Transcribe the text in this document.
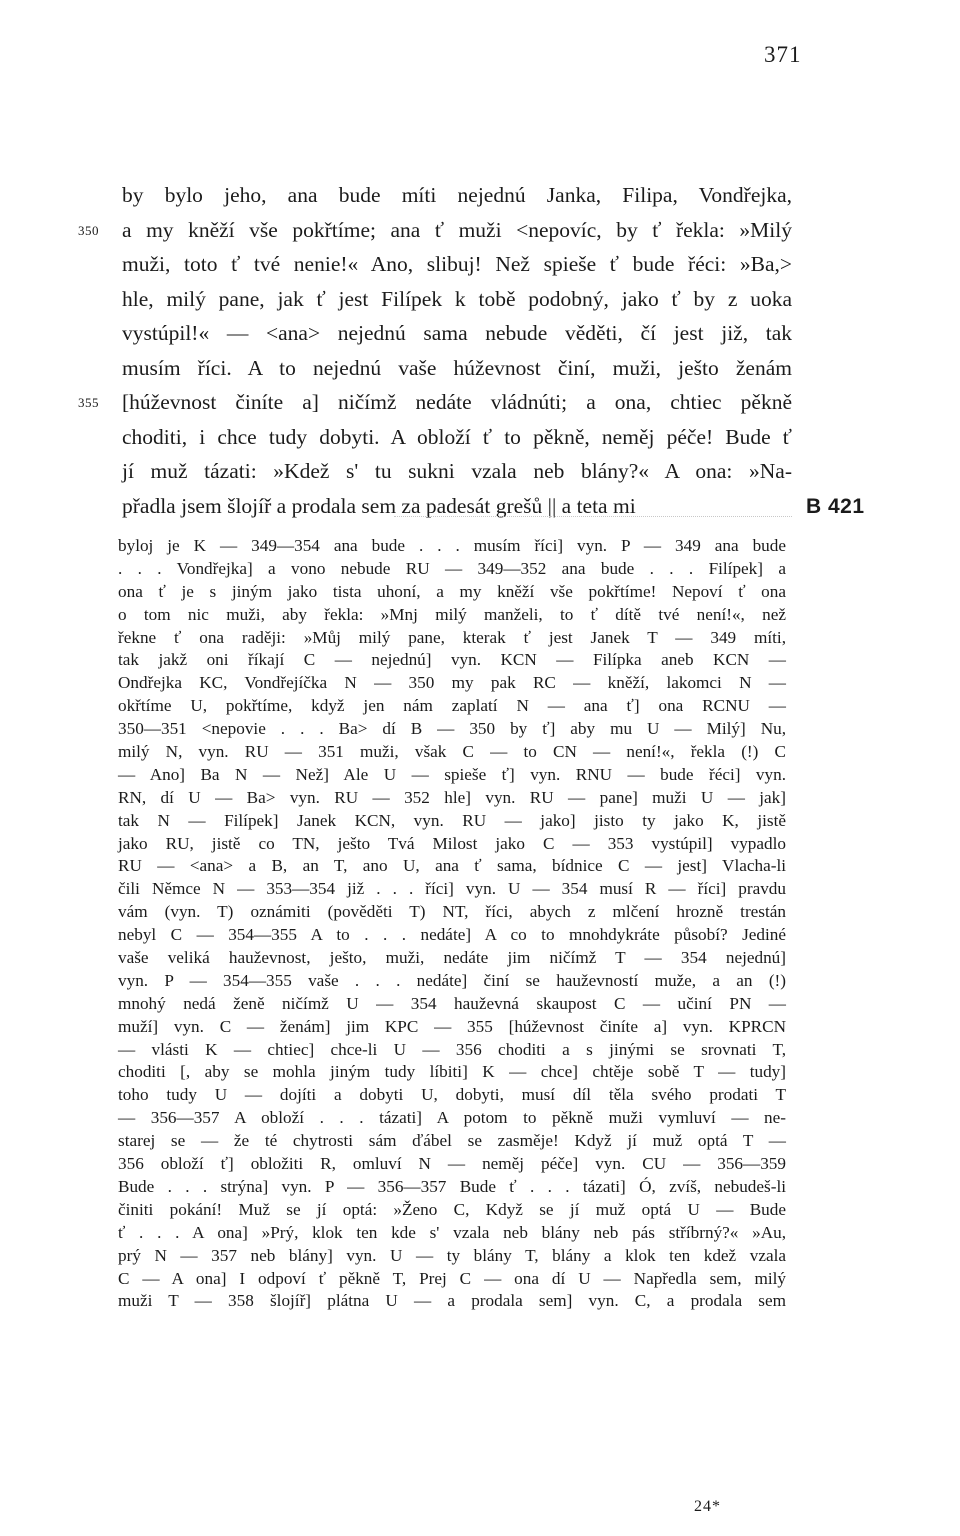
371
by bylo jeho, ana bude míti nejednú Janka, Filipa, Vondřejka,
350 a my kněží vše pokřtíme; ana ť muži <nepovíc, by ť řekla: »Milý
muži, toto ť tvé nenie!« Ano, slibuj! Než spieše ť bude řéci: »Ba,>
hle, milý pane, jak ť jest Filípek k tobě podobný, jako ť by z uoka
vystúpil!« — <ana> nejednú sama nebude věděti, čí jest již, tak
musím říci. A to nejednú vaše húževnost činí, muži, ješto ženám
355 [húževnost činíte a] ničímž nedáte vládnúti; a ona, chtiec pěkně
choditi, i chce tudy dobyti. A obloží ť to pěkně, neměj péče! Bude ť
jí muž tázati: »Kdež s' tu sukni vzala neb blány?« A ona: »Na-
přadla jsem šlojíř a prodala sem za padesát grešů || a teta mi	B 421
byloj je K — 349—354 ana bude . . . musím říci] vyn. P — 349 ana bude
. . . Vondřejka] a vono nebude RU — 349—352 ana bude . . . Filípek] a
ona ť je s jiným jako tista uhoní, a my kněží vše pokřtíme! Nepoví ť ona
o tom nic muži, aby řekla: »Mnj milý manželi, to ť dítě tvé není!«, než
řekne ť ona raději: »Můj milý pane, kterak ť jest Janek T — 349 míti,
tak jakž oni říkají C — nejednú] vyn. KCN — Filípka aneb KCN —
Ondřejka KC, Vondřejíčka N — 350 my pak RC — kněží, lakomci N —
okřtíme U, pokřtíme, když jen nám zaplatí N — ana ť] ona RCNU —
350—351 <nepovie . . . Ba> dí B — 350 by ť] aby mu U — Milý] Nu,
milý N, vyn. RU — 351 muži, však C — to CN — není!«, řekla (!) C
— Ano] Ba N — Než] Ale U — spieše ť] vyn. RNU — bude řéci] vyn.
RN, dí U — Ba> vyn. RU — 352 hle] vyn. RU — pane] muži U — jak]
tak N — Filípek] Janek KCN, vyn. RU — jako] jisto ty jako K, jistě
jako RU, jistě co TN, ješto Tvá Milost jako C — 353 vystúpil] vypadlo
RU — <ana> a B, an T, ano U, ana ť sama, bídnice C — jest] Vlacha-li
čili Němce N — 353—354 již . . . říci] vyn. U — 354 musí R — říci] pravdu
vám (vyn. T) oznámiti (pověděti T) NT, říci, abych z mlčení hrozně trestán
nebyl C — 354—355 A to . . . nedáte] A co to mnohdykráte působí? Jediné
vaše veliká hauževnost, ješto, muži, nedáte jim ničímž T — 354 nejednú]
vyn. P — 354—355 vaše . . . nedáte] činí se hauževností muže, a an (!)
mnohý nedá ženě ničímž U — 354 hauževná skaupost C — učiní PN —
muží] vyn. C — ženám] jim KPC — 355 [húževnost činíte a] vyn. KPRCN
— vlásti K — chtiec] chce-li U — 356 choditi a s jinými se srovnati T,
choditi [, aby se mohla jiným tudy líbiti] K — chce] chtěje sobě T — tudy]
toho tudy U — dojíti a dobyti U, dobyti, musí díl těla svého prodati T
— 356—357 A obloží . . . tázati] A potom to pěkně muži vymluví — ne-
starej se — že té chytrosti sám ďábel se zasměje! Když jí muž optá T —
356 obloží ť] obložiti R, omluví N — neměj péče] vyn. CU — 356—359
Bude . . . strýna] vyn. P — 356—357 Bude ť . . . tázati] Ó, zvíš, nebudeš-li
činiti pokání! Muž se jí optá: »Ženo C, Když se jí muž optá U — Bude
ť . . . A ona] »Prý, klok ten kde s' vzala neb blány neb pás stříbrný?« »Au,
prý N — 357 neb blány] vyn. U — ty blány T, blány a klok ten kdež vzala
C — A ona] I odpoví ť pěkně T, Prej C — ona dí U — Napředla sem, milý
muži T — 358 šlojíř] plátna U — a prodala sem] vyn. C, a prodala sem
24*
